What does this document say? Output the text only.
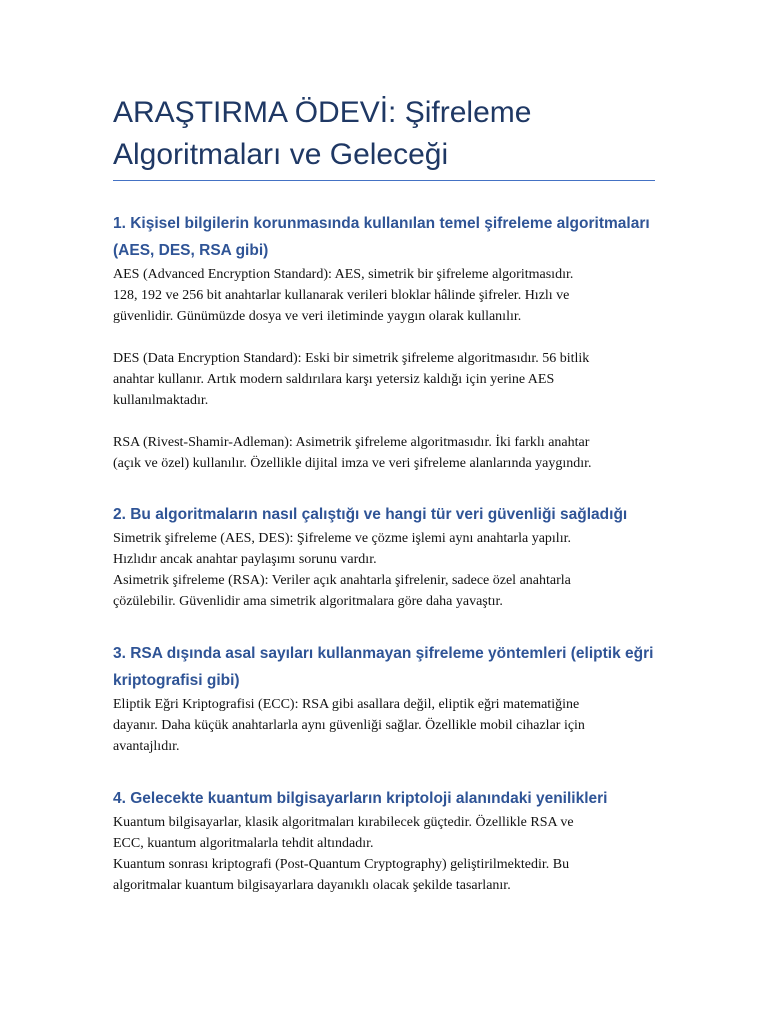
ARAŞTIRMA ÖDEVİ: Şifreleme
Algoritmaları ve Geleceği
1. Kişisel bilgilerin korunmasında kullanılan temel şifreleme algoritmaları
(AES, DES, RSA gibi)
AES (Advanced Encryption Standard): AES, simetrik bir şifreleme algoritmasıdır.
128, 192 ve 256 bit anahtarlar kullanarak verileri bloklar hâlinde şifreler. Hızlı ve
güvenlidir. Günümüzde dosya ve veri iletiminde yaygın olarak kullanılır.
DES (Data Encryption Standard): Eski bir simetrik şifreleme algoritmasıdır. 56 bitlik
anahtar kullanır. Artık modern saldırılara karşı yetersiz kaldığı için yerine AES
kullanılmaktadır.
RSA (Rivest-Shamir-Adleman): Asimetrik şifreleme algoritmasıdır. İki farklı anahtar
(açık ve özel) kullanılır. Özellikle dijital imza ve veri şifreleme alanlarında yaygındır.
2. Bu algoritmaların nasıl çalıştığı ve hangi tür veri güvenliği sağladığı
Simetrik şifreleme (AES, DES): Şifreleme ve çözme işlemi aynı anahtarla yapılır.
Hızlıdır ancak anahtar paylaşımı sorunu vardır.
Asimetrik şifreleme (RSA): Veriler açık anahtarla şifrelenir, sadece özel anahtarla
çözülebilir. Güvenlidir ama simetrik algoritmalara göre daha yavaştır.
3. RSA dışında asal sayıları kullanmayan şifreleme yöntemleri (eliptik eğri
kriptografisi gibi)
Eliptik Eğri Kriptografisi (ECC): RSA gibi asallara değil, eliptik eğri matematiğine
dayanır. Daha küçük anahtarlarla aynı güvenliği sağlar. Özellikle mobil cihazlar için
avantajlıdır.
4. Gelecekte kuantum bilgisayarların kriptoloji alanındaki yenilikleri
Kuantum bilgisayarlar, klasik algoritmaları kırabilecek güçtedir. Özellikle RSA ve
ECC, kuantum algoritmalarla tehdit altındadır.
Kuantum sonrası kriptografi (Post-Quantum Cryptography) geliştirilmektedir. Bu
algoritmalar kuantum bilgisayarlara dayanıklı olacak şekilde tasarlanır.
